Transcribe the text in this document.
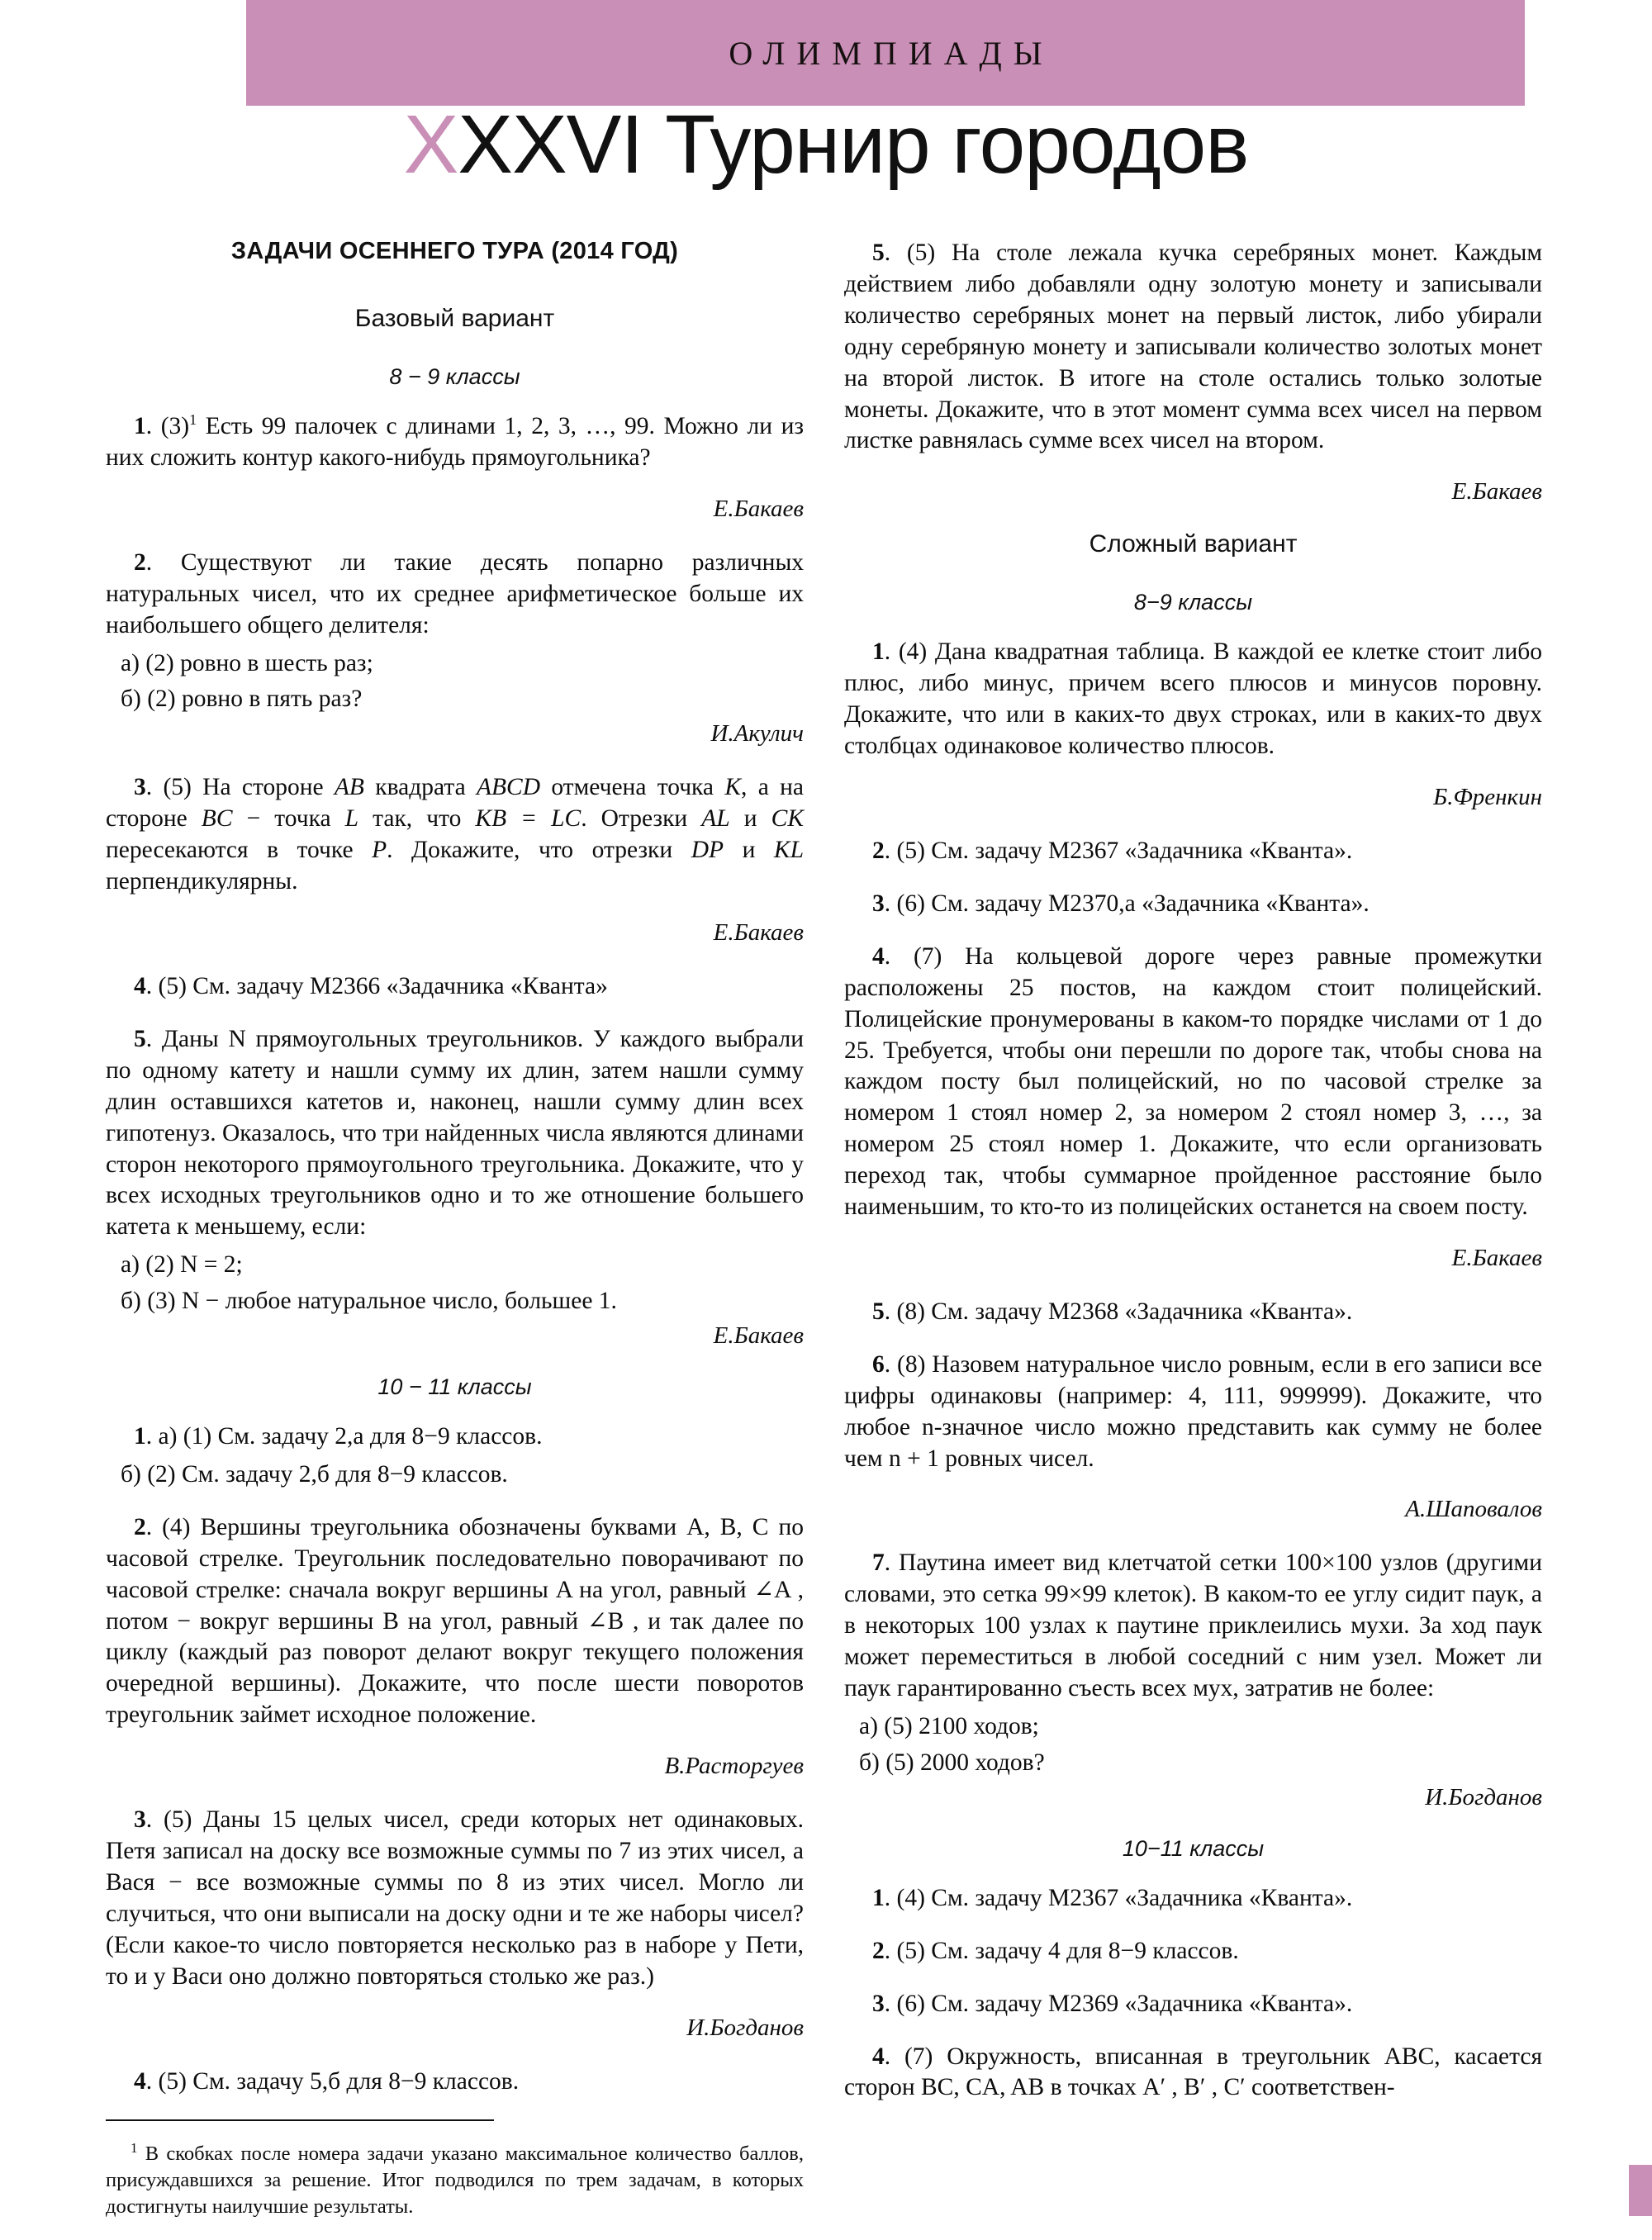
ОЛИМПИАДЫ
XXXVI Турнир городов
ЗАДАЧИ ОСЕННЕГО ТУРА (2014 ГОД)
Базовый вариант
8 − 9 классы

1. $(3)^1$ Есть 99 палочек с длинами 1, 2, 3, …, 99. Можно ли из них сложить контур какого-нибудь прямоугольника?

Е.Бакаев

2. Существуют ли такие десять попарно различных натуральных чисел, что их среднее арифметическое больше их наибольшего общего делителя:

а) (2) ровно в шесть раз;

б) (2) ровно в пять раз?

И.Акулич

3. (5) На стороне AB квадрата ABCD отмечена точка K, а на стороне BC − точка L так, что KB = LC. Отрезки AL и CK пересекаются в точке P. Докажите, что отрезки DP и KL перпендикулярны.

Е.Бакаев

4. (5) См. задачу М2366 «Задачника «Кванта»

5. Даны N прямоугольных треугольников. У каждого выбрали по одному катету и нашли сумму их длин, затем нашли сумму длин оставшихся катетов и, наконец, нашли сумму длин всех гипотенуз. Оказалось, что три найденных числа являются длинами сторон некоторого прямоугольного треугольника. Докажите, что у всех исходных треугольников одно и то же отношение большего катета к меньшему, если:

а) (2) N = 2;

б) (3) N − любое натуральное число, большее 1.

Е.Бакаев
10 − 11 классы

1. а) (1) См. задачу 2,а для 8−9 классов.

б) (2) См. задачу 2,б для 8−9 классов.

2. (4) Вершины треугольника обозначены буквами A, B, C по часовой стрелке. Треугольник последовательно поворачивают по часовой стрелке: сначала вокруг вершины A на угол, равный ∠A , потом − вокруг вершины B на угол, равный ∠B , и так далее по циклу (каждый раз поворот делают вокруг текущего положения очередной вершины). Докажите, что после шести поворотов треугольник займет исходное положение.

В.Расторгуев

3. (5) Даны 15 целых чисел, среди которых нет одинаковых. Петя записал на доску все возможные суммы по 7 из этих чисел, а Вася − все возможные суммы по 8 из этих чисел. Могло ли случиться, что они выписали на доску одни и те же наборы чисел? (Если какое-то число повторяется несколько раз в наборе у Пети, то и у Васи оно должно повторяться столько же раз.)

И.Богданов

4. (5) См. задачу 5,б для 8−9 классов.

$^1$ В скобках после номера задачи указано максимальное количество баллов, присуждавшихся за решение. Итог подводился по трем задачам, в которых достигнуты наилучшие результаты.

5. (5) На столе лежала кучка серебряных монет. Каждым действием либо добавляли одну золотую монету и записывали количество серебряных монет на первый листок, либо убирали одну серебряную монету и записывали количество золотых монет на второй листок. В итоге на столе остались только золотые монеты. Докажите, что в этот момент сумма всех чисел на первом листке равнялась сумме всех чисел на втором.

Е.Бакаев
Сложный вариант
8−9 классы

1. (4) Дана квадратная таблица. В каждой ее клетке стоит либо плюс, либо минус, причем всего плюсов и минусов поровну. Докажите, что или в каких-то двух строках, или в каких-то двух столбцах одинаковое количество плюсов.

Б.Френкин

2. (5) См. задачу М2367 «Задачника «Кванта».

3. (6) См. задачу М2370,а «Задачника «Кванта».

4. (7) На кольцевой дороге через равные промежутки расположены 25 постов, на каждом стоит полицейский. Полицейские пронумерованы в каком-то порядке числами от 1 до 25. Требуется, чтобы они перешли по дороге так, чтобы снова на каждом посту был полицейский, но по часовой стрелке за номером 1 стоял номер 2, за номером 2 стоял номер 3, …, за номером 25 стоял номер 1. Докажите, что если организовать переход так, чтобы суммарное пройденное расстояние было наименьшим, то кто-то из полицейских останется на своем посту.

Е.Бакаев

5. (8) См. задачу М2368 «Задачника «Кванта».

6. (8) Назовем натуральное число ровным, если в его записи все цифры одинаковы (например: 4, 111, 999999). Докажите, что любое n-значное число можно представить как сумму не более чем n + 1 ровных чисел.

А.Шаповалов

7. Паутина имеет вид клетчатой сетки 100×100 узлов (другими словами, это сетка 99×99 клеток). В каком-то ее углу сидит паук, а в некоторых 100 узлах к паутине приклеились мухи. За ход паук может переместиться в любой соседний с ним узел. Может ли паук гарантированно съесть всех мух, затратив не более:

а) (5) 2100 ходов;

б) (5) 2000 ходов?

И.Богданов
10−11 классы

1. (4) См. задачу М2367 «Задачника «Кванта».

2. (5) См. задачу 4 для 8−9 классов.

3. (6) См. задачу М2369 «Задачника «Кванта».

4. (7) Окружность, вписанная в треугольник ABC, касается сторон BC, CA, AB в точках A′ , B′ , C′ соответствен-
